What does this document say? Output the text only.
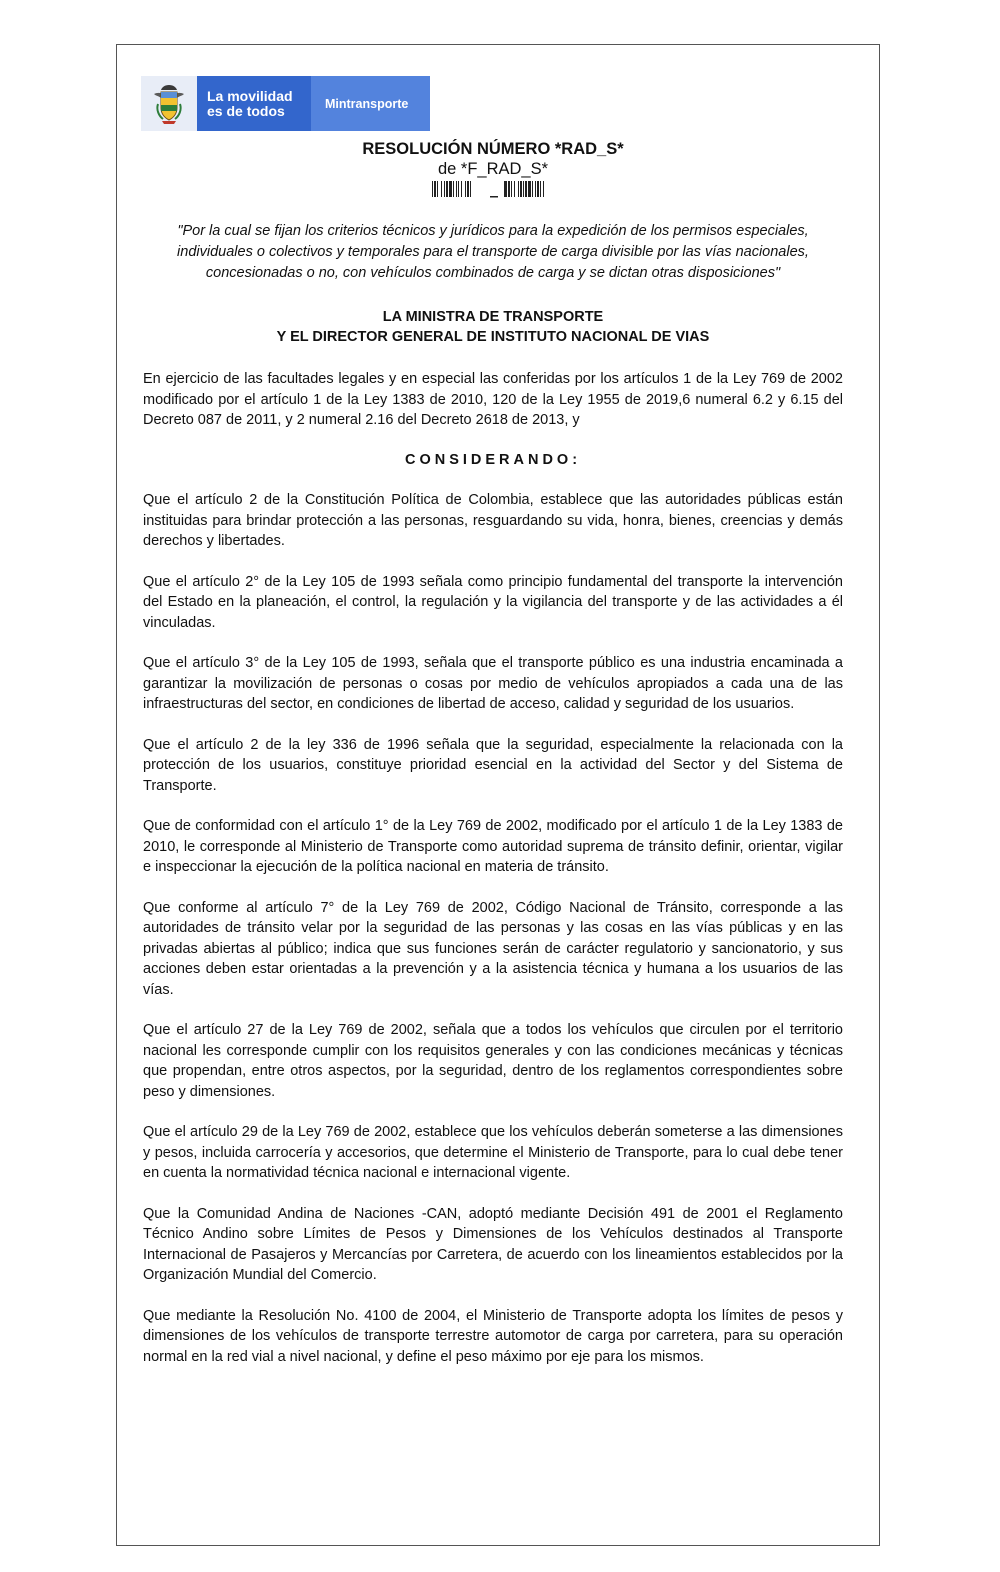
La movilidad
es de todos	Mintransporte
RESOLUCIÓN NÚMERO *RAD_S*
de *F_RAD_S*
"Por la cual se fijan los criterios técnicos y jurídicos para la expedición de los permisos especiales, individuales o colectivos y temporales para el transporte de carga divisible por las vías nacionales, concesionadas o no, con vehículos combinados de carga y se dictan otras disposiciones"
LA MINISTRA DE TRANSPORTE
Y EL DIRECTOR GENERAL DE INSTITUTO NACIONAL DE VIAS
En ejercicio de las facultades legales y en especial las conferidas por los artículos 1 de la Ley 769 de 2002 modificado por el artículo 1 de la Ley 1383 de 2010, 120 de la Ley 1955 de 2019,6 numeral 6.2 y 6.15 del Decreto 087 de 2011, y 2 numeral 2.16 del Decreto 2618 de 2013, y
CONSIDERANDO:

Que el artículo 2 de la Constitución Política de Colombia, establece que las autoridades públicas están instituidas para brindar protección a las personas, resguardando su vida, honra, bienes, creencias y demás derechos y libertades.

Que el artículo 2° de la Ley 105 de 1993 señala como principio fundamental del transporte la intervención del Estado en la planeación, el control, la regulación y la vigilancia del transporte y de las actividades a él vinculadas.

Que el artículo 3° de la Ley 105 de 1993, señala que el transporte público es una industria encaminada a garantizar la movilización de personas o cosas por medio de vehículos apropiados a cada una de las infraestructuras del sector, en condiciones de libertad de acceso, calidad y seguridad de los usuarios.

Que el artículo 2 de la ley 336 de 1996 señala que la seguridad, especialmente la relacionada con la protección de los usuarios, constituye prioridad esencial en la actividad del Sector y del Sistema de Transporte.

Que de conformidad con el artículo 1° de la Ley 769 de 2002, modificado por el artículo 1 de la Ley 1383 de 2010, le corresponde al Ministerio de Transporte como autoridad suprema de tránsito definir, orientar, vigilar e inspeccionar la ejecución de la política nacional en materia de tránsito.

Que conforme al artículo 7° de la Ley 769 de 2002, Código Nacional de Tránsito, corresponde a las autoridades de tránsito velar por la seguridad de las personas y las cosas en las vías públicas y en las privadas abiertas al público; indica que sus funciones serán de carácter regulatorio y sancionatorio, y sus acciones deben estar orientadas a la prevención y a la asistencia técnica y humana a los usuarios de las vías.

Que el artículo 27 de la Ley 769 de 2002, señala que a todos los vehículos que circulen por el territorio nacional les corresponde cumplir con los requisitos generales y con las condiciones mecánicas y técnicas que propendan, entre otros aspectos, por la seguridad, dentro de los reglamentos correspondientes sobre peso y dimensiones.

Que el artículo 29 de la Ley 769 de 2002, establece que los vehículos deberán someterse a las dimensiones y pesos, incluida carrocería y accesorios, que determine el Ministerio de Transporte, para lo cual debe tener en cuenta la normatividad técnica nacional e internacional vigente.

Que la Comunidad Andina de Naciones -CAN, adoptó mediante Decisión 491 de 2001 el Reglamento Técnico Andino sobre Límites de Pesos y Dimensiones de los Vehículos destinados al Transporte Internacional de Pasajeros y Mercancías por Carretera, de acuerdo con los lineamientos establecidos por la Organización Mundial del Comercio.

Que mediante la Resolución No. 4100 de 2004, el Ministerio de Transporte adopta los límites de pesos y dimensiones de los vehículos de transporte terrestre automotor de carga por carretera, para su operación normal en la red vial a nivel nacional, y define el peso máximo por eje para los mismos.
